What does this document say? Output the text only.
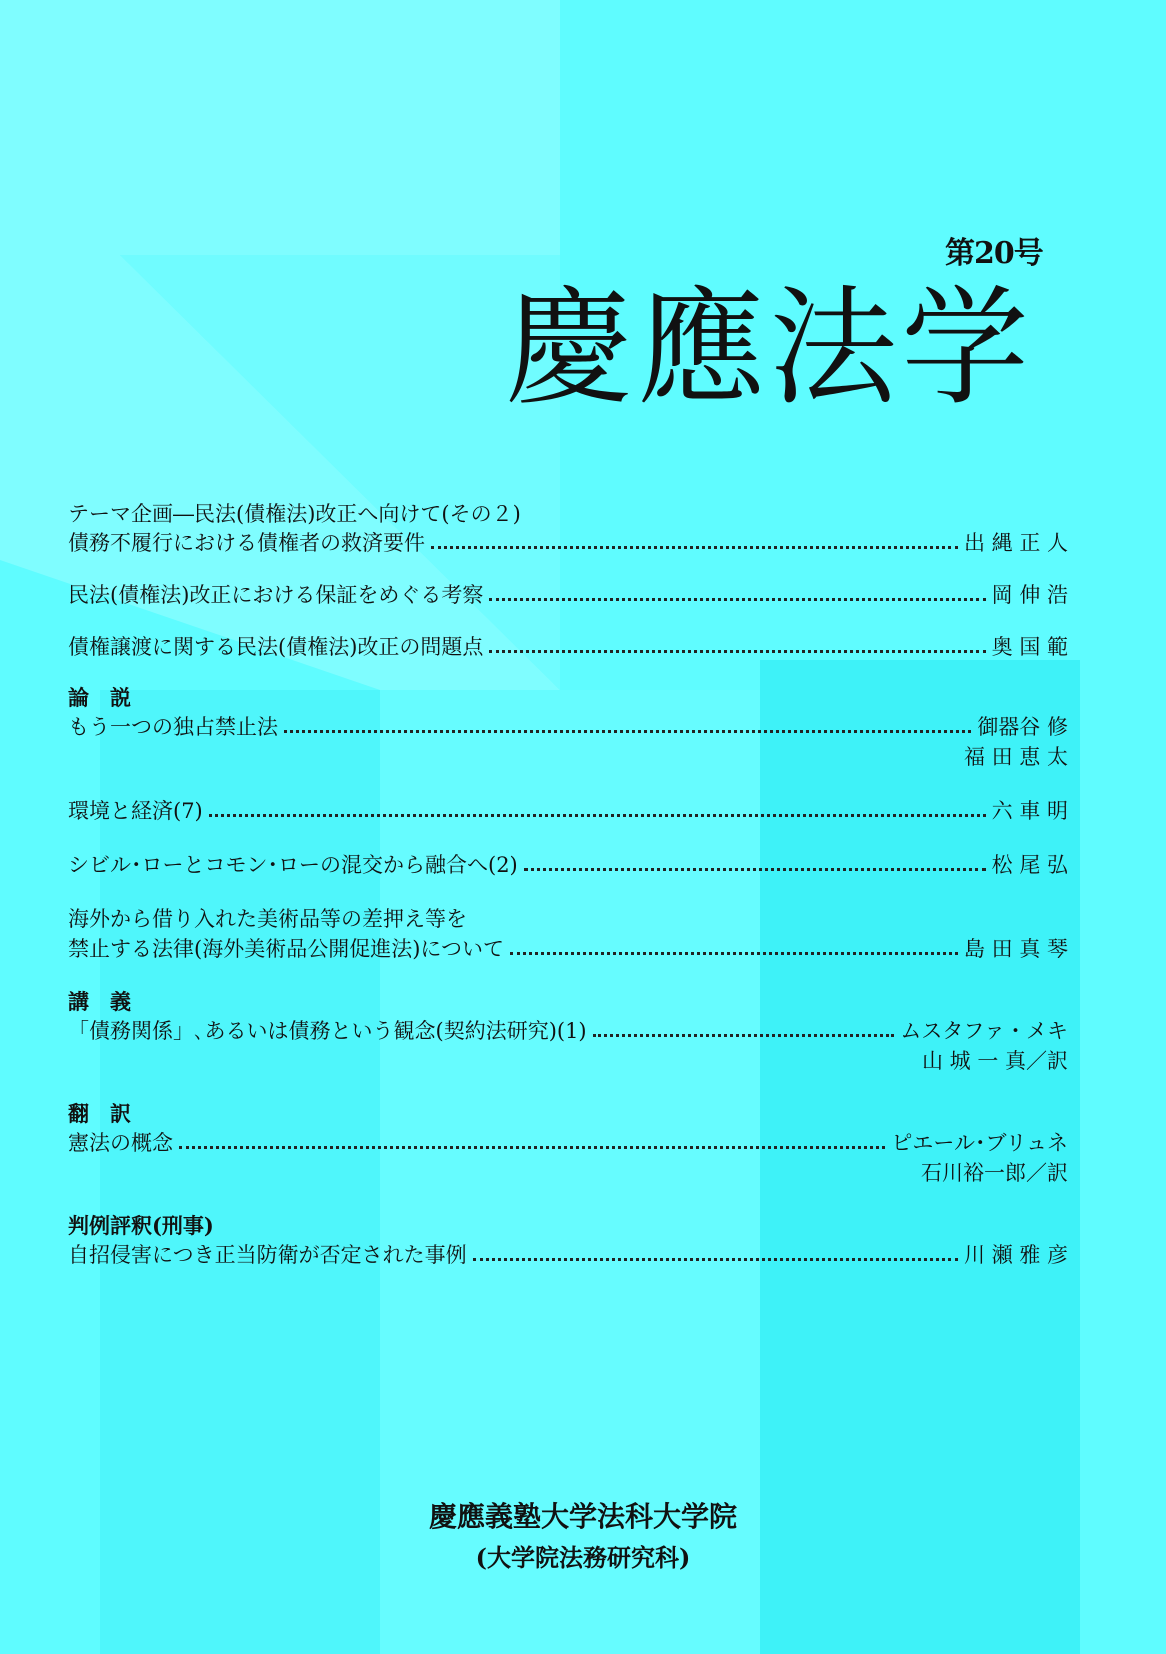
第20号
慶應法学
テーマ企画―民法(債権法)改正へ向けて(その２)
債務不履行における債権者の救済要件	出 縄 正 人
民法(債権法)改正における保証をめぐる考察	岡 伸 浩
債権譲渡に関する民法(債権法)改正の問題点	奥 国 範
論　説
もう一つの独占禁止法	御器谷 修
福 田 恵 太
環境と経済(7)	六 車 明
シビル･ローとコモン･ローの混交から融合へ(2)	松 尾 弘
海外から借り入れた美術品等の差押え等を
禁止する法律(海外美術品公開促進法)について	島 田 真 琴
講　義
「債務関係」､あるいは債務という観念(契約法研究)(1)	ムスタファ・メキ
山 城 一 真／訳
翻　訳
憲法の概念	ピエール･ブリュネ
石川裕一郎／訳
判例評釈(刑事)
自招侵害につき正当防衛が否定された事例	川 瀬 雅 彦
慶應義塾大学法科大学院
(大学院法務研究科)
